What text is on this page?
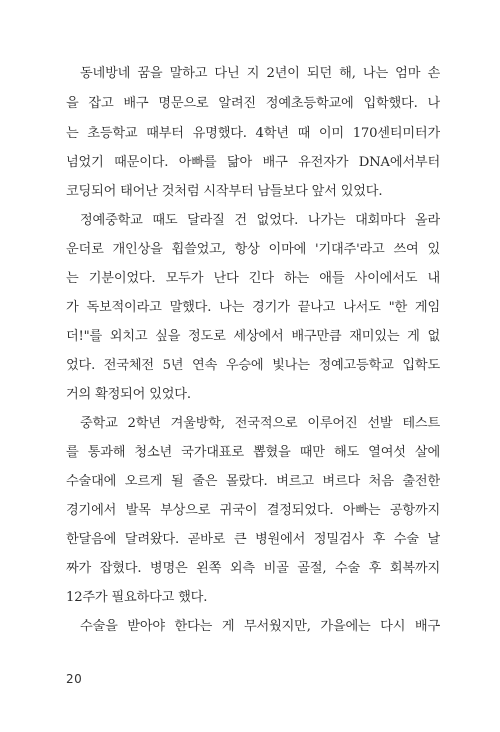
동네방네 꿈을 말하고 다닌 지 2년이 되던 해, 나는 엄마 손
을 잡고 배구 명문으로 알려진 정예초등학교에 입학했다. 나
는 초등학교 때부터 유명했다. 4학년 때 이미 170센티미터가
넘었기 때문이다. 아빠를 닮아 배구 유전자가 DNA에서부터
코딩되어 태어난 것처럼 시작부터 남들보다 앞서 있었다.
정예중학교 때도 달라질 건 없었다. 나가는 대회마다 올라
운더로 개인상을 휩쓸었고, 항상 이마에 '기대주'라고 쓰여 있
는 기분이었다. 모두가 난다 긴다 하는 애들 사이에서도 내
가 독보적이라고 말했다. 나는 경기가 끝나고 나서도 "한 게임
더!"를 외치고 싶을 정도로 세상에서 배구만큼 재미있는 게 없
었다. 전국체전 5년 연속 우승에 빛나는 정예고등학교 입학도
거의 확정되어 있었다.
중학교 2학년 겨울방학, 전국적으로 이루어진 선발 테스트
를 통과해 청소년 국가대표로 뽑혔을 때만 해도 열여섯 살에
수술대에 오르게 될 줄은 몰랐다. 벼르고 벼르다 처음 출전한
경기에서 발목 부상으로 귀국이 결정되었다. 아빠는 공항까지
한달음에 달려왔다. 곧바로 큰 병원에서 정밀검사 후 수술 날
짜가 잡혔다. 병명은 왼쪽 외측 비골 골절, 수술 후 회복까지
12주가 필요하다고 했다.
수술을 받아야 한다는 게 무서웠지만, 가을에는 다시 배구
20
